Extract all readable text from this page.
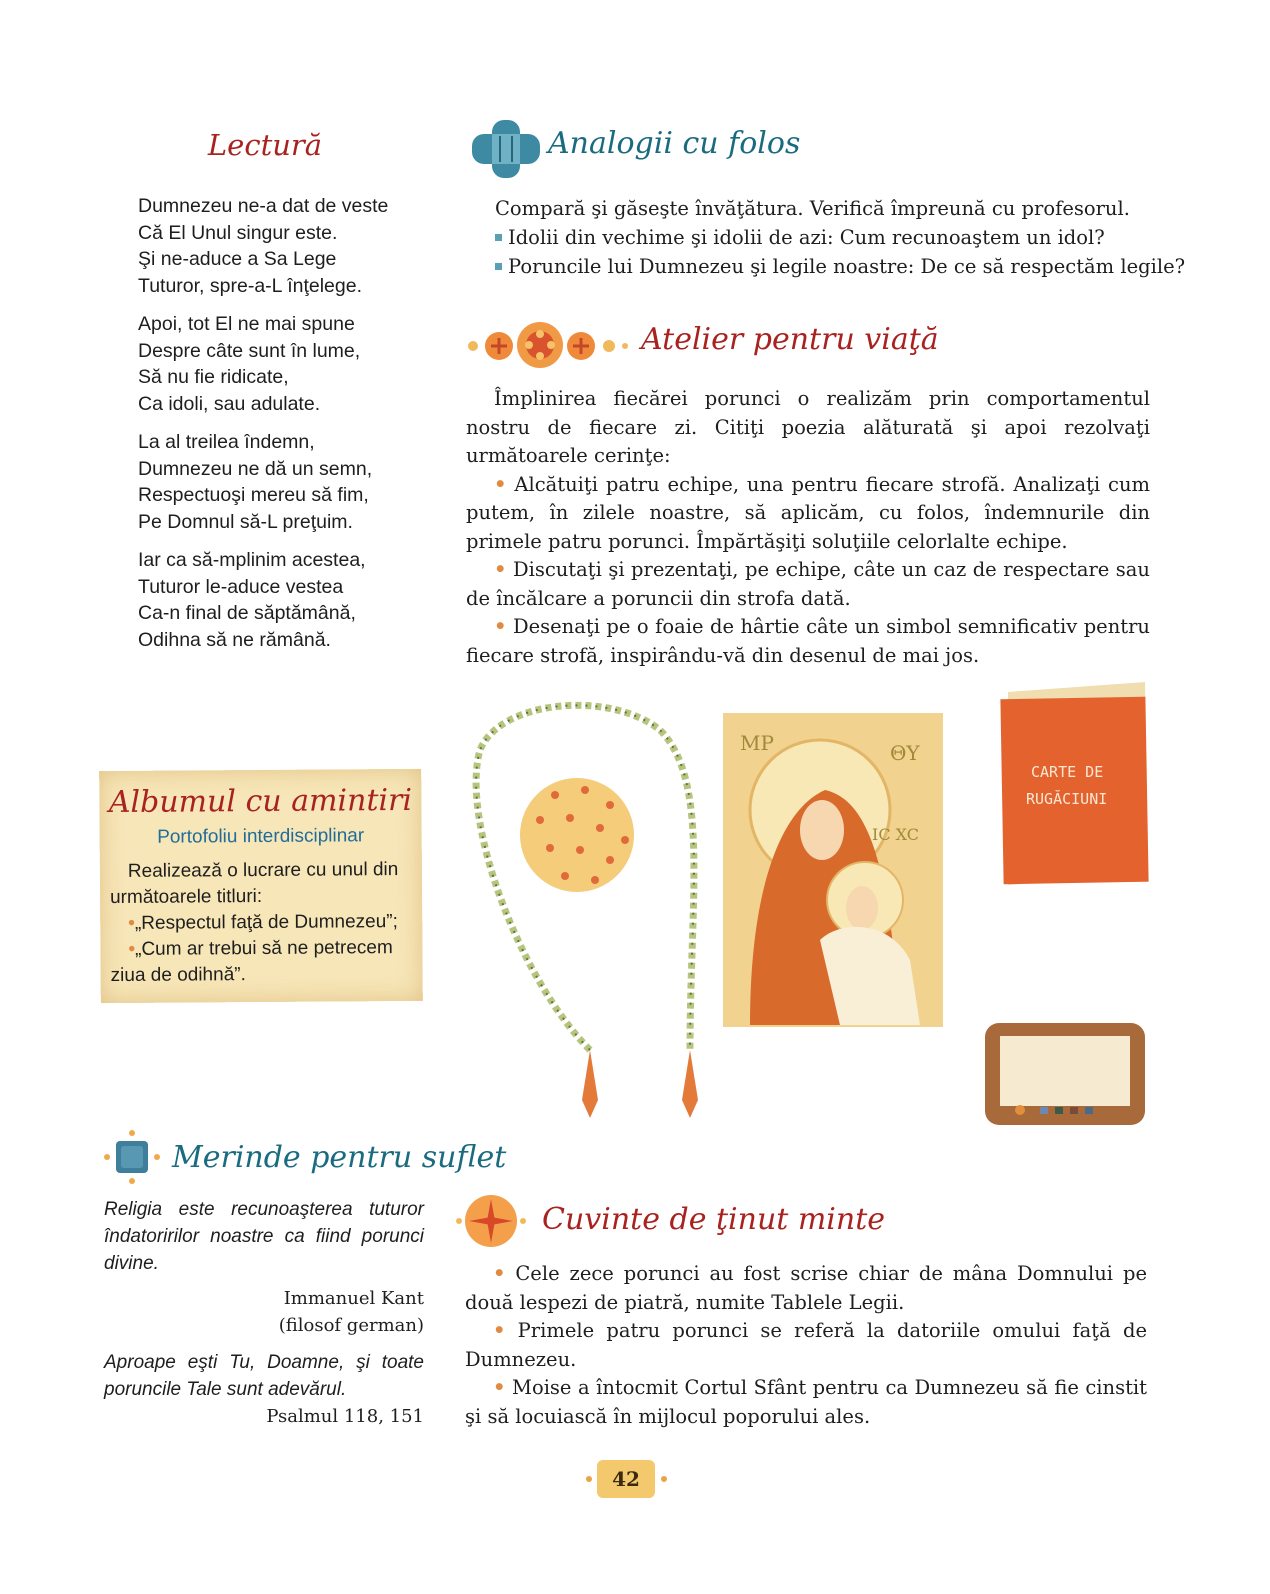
Lectură
Dumnezeu ne-a dat de veste
Că El Unul singur este.
Şi ne-aduce a Sa Lege
Tuturor, spre-a-L înţelege.
Apoi, tot El ne mai spune
Despre câte sunt în lume,
Să nu fie ridicate,
Ca idoli, sau adulate.
La al treilea îndemn,
Dumnezeu ne dă un semn,
Respectuoşi mereu să fim,
Pe Domnul să-L preţuim.
Iar ca să-mplinim acestea,
Tuturor le-aduce vestea
Ca-n final de săptămână,
Odihna să ne rămână.
Analogii cu folos
Compară şi găseşte învăţătura. Verifică împreună cu profesorul.
Idolii din vechime şi idolii de azi: Cum recunoaştem un idol?
Poruncile lui Dumnezeu şi legile noastre: De ce să respectăm legile?
Atelier pentru viaţă

Împlinirea fiecărei porunci o realizăm prin comportamentul nostru de fiecare zi. Citiţi poezia alăturată şi apoi rezolvaţi următoarele cerinţe:

• Alcătuiţi patru echipe, una pentru fiecare strofă. Analizaţi cum putem, în zilele noastre, să aplicăm, cu folos, îndemnurile din primele patru porunci. Împărtăşiţi soluţiile celorlalte echipe.

• Discutaţi şi prezentaţi, pe echipe, câte un caz de respectare sau de încălcare a poruncii din strofa dată.

• Desenaţi pe o foaie de hârtie câte un simbol semnificativ pentru fiecare strofă, inspirându-vă din desenul de mai jos.

MP	ΘY
IC XC
CARTE DE
RUGĂCIUNI
Albumul cu amintiri
Portofoliu interdisciplinar
Realizează o lucrare cu unul din
următoarele titluri:
•„Respectul faţă de Dumnezeu”;
•„Cum ar trebui să ne petrecem
ziua de odihnă”.
Merinde pentru suflet
Religia este recunoaşterea tuturor îndatoririlor noastre ca fiind porunci divine.
Immanuel Kant
(filosof german)
Aproape eşti Tu, Doamne, şi toate poruncile Tale sunt adevărul.
Psalmul 118, 151
Cuvinte de ţinut minte

• Cele zece porunci au fost scrise chiar de mâna Domnului pe două lespezi de piatră, numite Tablele Legii.

• Primele patru porunci se referă la datoriile omului faţă de Dumnezeu.

• Moise a întocmit Cortul Sfânt pentru ca Dumnezeu să fie cinstit şi să locuiască în mijlocul poporului ales.

42
